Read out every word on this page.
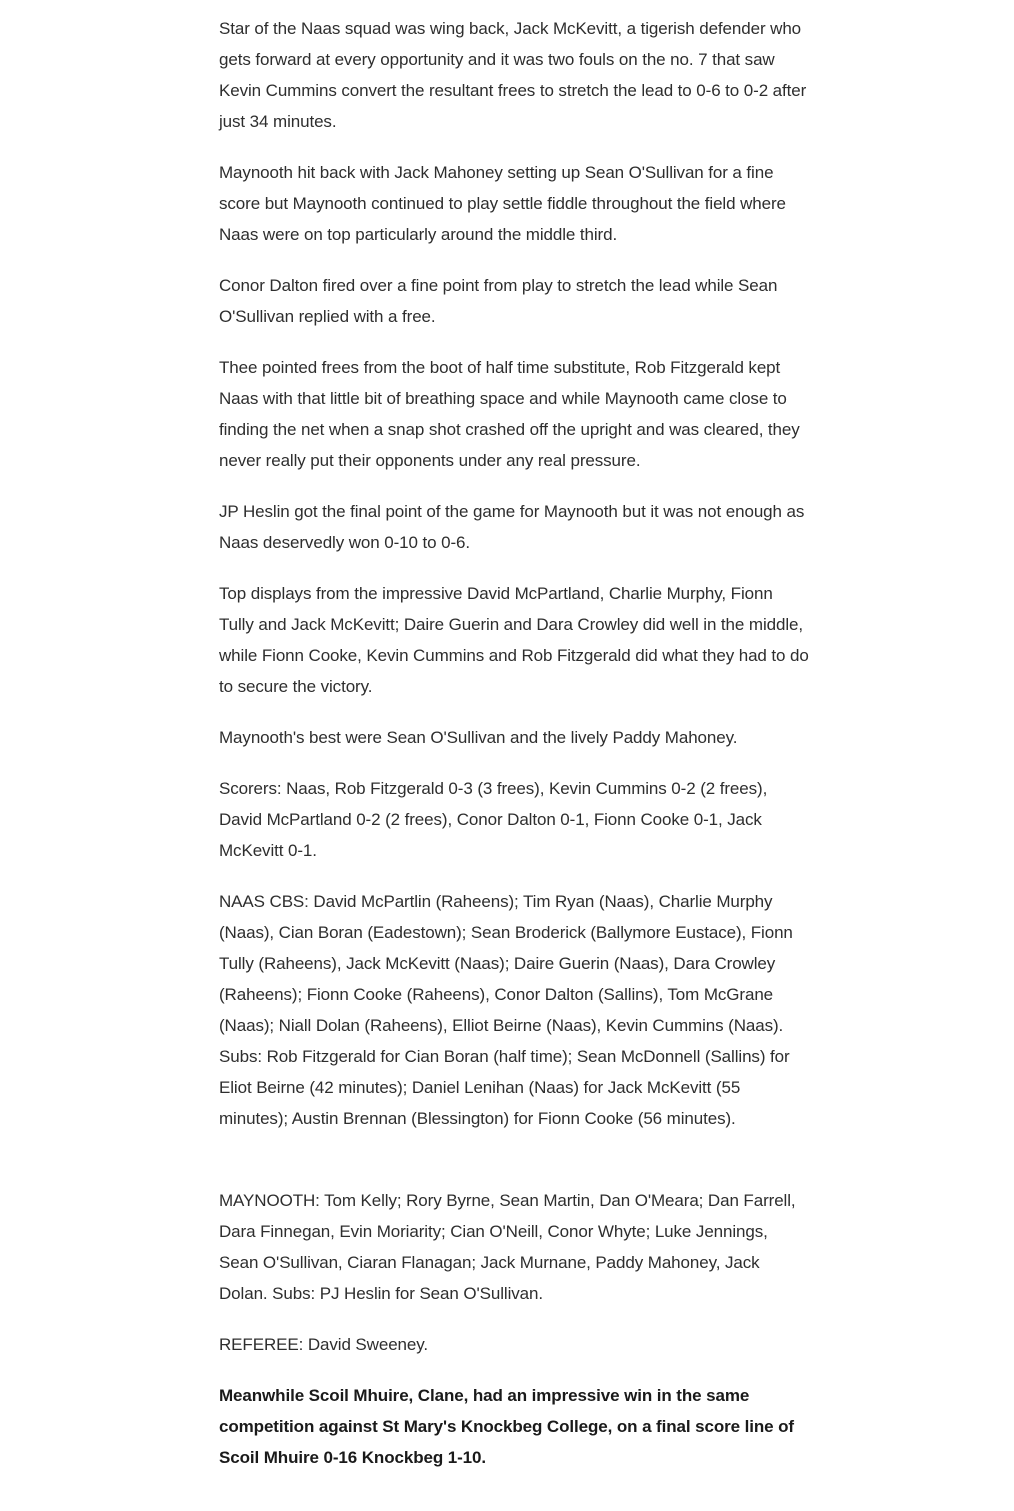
Star of the Naas squad was wing back, Jack McKevitt, a tigerish defender who gets forward at every opportunity and it was two fouls on the no. 7 that saw Kevin Cummins convert the resultant frees to stretch the lead to 0-6 to 0-2 after just 34 minutes.

Maynooth hit back with Jack Mahoney setting up Sean O'Sullivan for a fine score but Maynooth continued to play settle fiddle throughout the field where Naas were on top particularly around the middle third.

Conor Dalton fired over a fine point from play to stretch the lead while Sean O'Sullivan replied with a free.

Thee pointed frees from the boot of half time substitute, Rob Fitzgerald kept Naas with that little bit of breathing space and while Maynooth came close to finding the net when a snap shot crashed off the upright and was cleared, they never really put their opponents under any real pressure.

JP Heslin got the final point of the game for Maynooth but it was not enough as Naas deservedly won 0-10 to 0-6.

Top displays from the impressive David McPartland, Charlie Murphy, Fionn Tully and Jack McKevitt; Daire Guerin and Dara Crowley did well in the middle, while Fionn Cooke, Kevin Cummins and Rob Fitzgerald did what they had to do to secure the victory.

Maynooth's best were Sean O'Sullivan and the lively Paddy Mahoney.

Scorers: Naas, Rob Fitzgerald 0-3 (3 frees), Kevin Cummins 0-2 (2 frees), David McPartland 0-2 (2 frees), Conor Dalton 0-1, Fionn Cooke 0-1, Jack McKevitt 0-1.

NAAS CBS: David McPartlin (Raheens); Tim Ryan (Naas), Charlie Murphy (Naas), Cian Boran (Eadestown); Sean Broderick (Ballymore Eustace), Fionn Tully (Raheens), Jack McKevitt (Naas); Daire Guerin (Naas), Dara Crowley (Raheens); Fionn Cooke (Raheens), Conor Dalton (Sallins), Tom McGrane (Naas); Niall Dolan (Raheens), Elliot Beirne (Naas), Kevin Cummins (Naas). Subs: Rob Fitzgerald for Cian Boran (half time); Sean McDonnell (Sallins) for Eliot Beirne (42 minutes); Daniel Lenihan (Naas) for Jack McKevitt (55 minutes); Austin Brennan (Blessington) for Fionn Cooke (56 minutes).

MAYNOOTH: Tom Kelly; Rory Byrne, Sean Martin, Dan O'Meara; Dan Farrell, Dara Finnegan, Evin Moriarity; Cian O'Neill, Conor Whyte; Luke Jennings, Sean O'Sullivan, Ciaran Flanagan; Jack Murnane, Paddy Mahoney, Jack Dolan. Subs: PJ Heslin for Sean O'Sullivan.

REFEREE: David Sweeney.

Meanwhile Scoil Mhuire, Clane, had an impressive win in the same competition against St Mary's Knockbeg College, on a final score line of Scoil Mhuire 0-16 Knockbeg 1-10.
